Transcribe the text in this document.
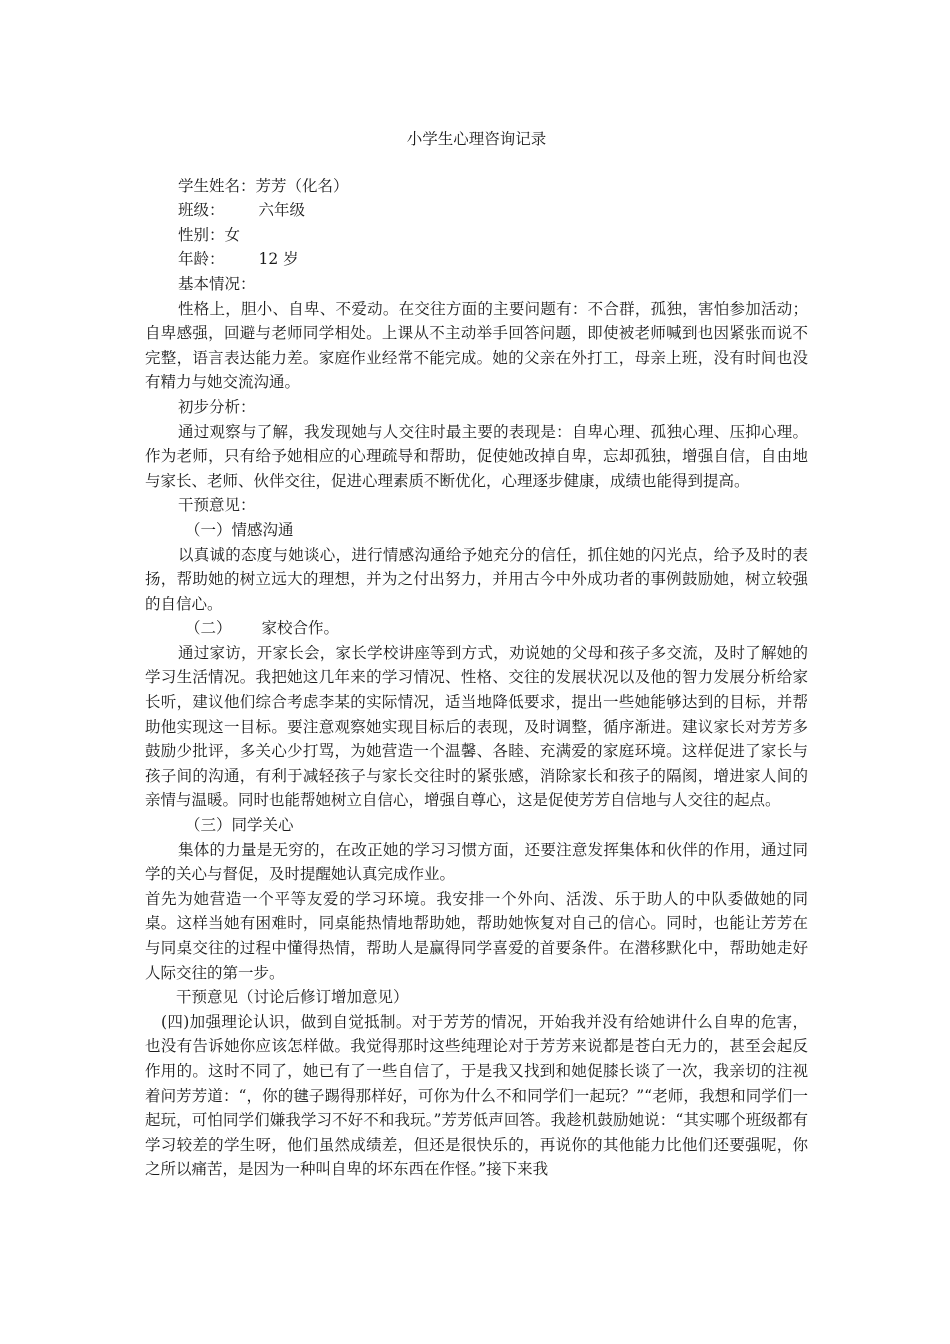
小学生心理咨询记录

学生姓名：芳芳（化名）

班级： 六年级

性别：女

年龄： 12 岁

基本情况：

性格上，胆小、自卑、不爱动。在交往方面的主要问题有：不合群，孤独，害怕参加活动；自卑感强，回避与老师同学相处。上课从不主动举手回答问题，即使被老师喊到也因紧张而说不完整，语言表达能力差。家庭作业经常不能完成。她的父亲在外打工，母亲上班，没有时间也没有精力与她交流沟通。

初步分析：

通过观察与了解，我发现她与人交往时最主要的表现是：自卑心理、孤独心理、压抑心理。作为老师，只有给予她相应的心理疏导和帮助，促使她改掉自卑，忘却孤独，增强自信，自由地与家长、老师、伙伴交往，促进心理素质不断优化，心理逐步健康，成绩也能得到提高。

干预意见：

（一）情感沟通

以真诚的态度与她谈心，进行情感沟通给予她充分的信任，抓住她的闪光点，给予及时的表扬，帮助她的树立远大的理想，并为之付出努力，并用古今中外成功者的事例鼓励她，树立较强的自信心。

（二） 家校合作。

通过家访，开家长会，家长学校讲座等到方式，劝说她的父母和孩子多交流，及时了解她的学习生活情况。我把她这几年来的学习情况、性格、交往的发展状况以及他的智力发展分析给家长听，建议他们综合考虑李某的实际情况，适当地降低要求，提出一些她能够达到的目标，并帮助他实现这一目标。要注意观察她实现目标后的表现，及时调整，循序渐进。建议家长对芳芳多鼓励少批评，多关心少打骂，为她营造一个温馨、各睦、充满爱的家庭环境。这样促进了家长与孩子间的沟通，有利于减轻孩子与家长交往时的紧张感，消除家长和孩子的隔阂，增进家人间的亲情与温暖。同时也能帮她树立自信心，增强自尊心，这是促使芳芳自信地与人交往的起点。

（三）同学关心

集体的力量是无穷的，在改正她的学习习惯方面，还要注意发挥集体和伙伴的作用，通过同学的关心与督促，及时提醒她认真完成作业。

首先为她营造一个平等友爱的学习环境。我安排一个外向、活泼、乐于助人的中队委做她的同桌。这样当她有困难时，同桌能热情地帮助她，帮助她恢复对自己的信心。同时，也能让芳芳在与同桌交往的过程中懂得热情，帮助人是赢得同学喜爱的首要条件。在潜移默化中，帮助她走好人际交往的第一步。

干预意见（讨论后修订增加意见）

(四)加强理论认识，做到自觉抵制。对于芳芳的情况，开始我并没有给她讲什么自卑的危害，也没有告诉她你应该怎样做。我觉得那时这些纯理论对于芳芳来说都是苍白无力的，甚至会起反作用的。这时不同了，她已有了一些自信了，于是我又找到和她促膝长谈了一次，我亲切的注视着问芳芳道：“，你的毽子踢得那样好，可你为什么不和同学们一起玩？”“老师，我想和同学们一起玩，可怕同学们嫌我学习不好不和我玩。”芳芳低声回答。我趁机鼓励她说：“其实哪个班级都有学习较差的学生呀，他们虽然成绩差，但还是很快乐的，再说你的其他能力比他们还要强呢，你之所以痛苦，是因为一种叫自卑的坏东西在作怪。”接下来我
